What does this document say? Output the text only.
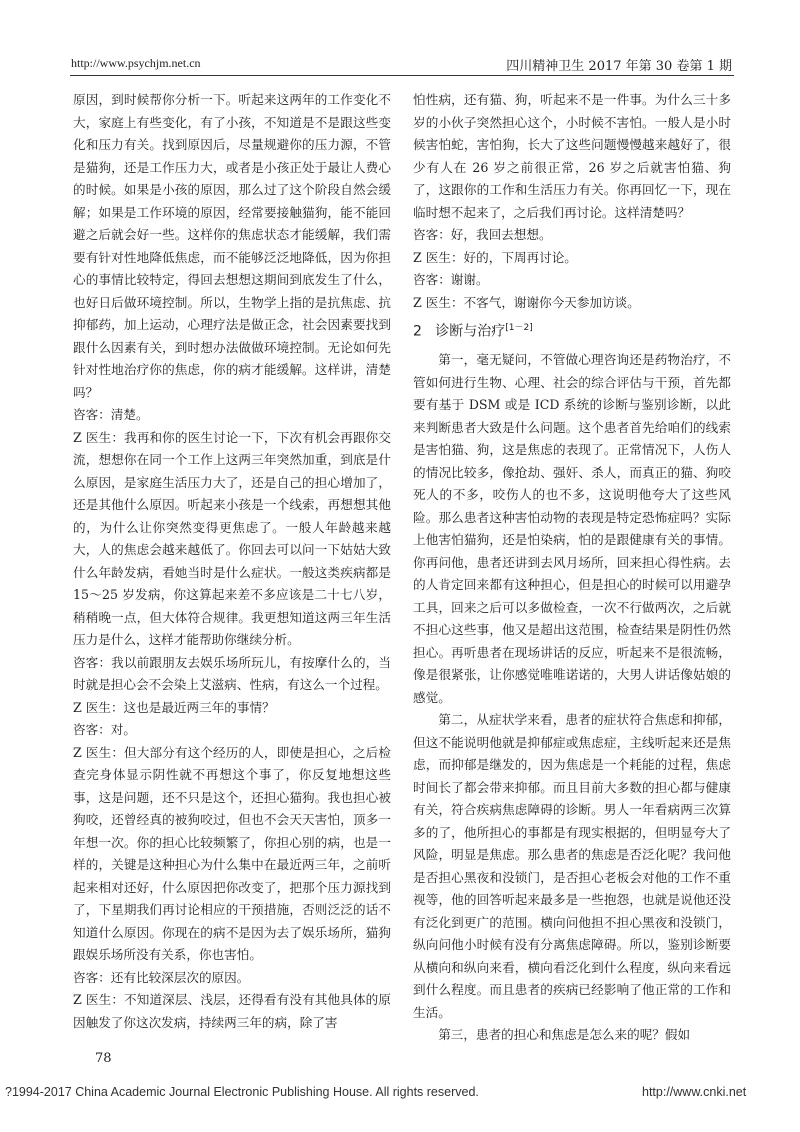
http://www.psychjm.net.cn	四川精神卫生 2017 年第 30 卷第 1 期

原因，到时候帮你分析一下。听起来这两年的工作变化不大，家庭上有些变化，有了小孩，不知道是不是跟这些变化和压力有关。找到原因后，尽量规避你的压力源，不管是猫狗，还是工作压力大，或者是小孩正处于最让人费心的时候。如果是小孩的原因，那么过了这个阶段自然会缓解；如果是工作环境的原因，经常要接触猫狗，能不能回避之后就会好一些。这样你的焦虑状态才能缓解，我们需要有针对性地降低焦虑，而不能够泛泛地降低，因为你担心的事情比较特定，得回去想想这期间到底发生了什么，也好日后做环境控制。所以，生物学上指的是抗焦虑、抗抑郁药，加上运动，心理疗法是做正念，社会因素要找到跟什么因素有关，到时想办法做做环境控制。无论如何先针对性地治疗你的焦虑，你的病才能缓解。这样讲，清楚吗？

咨客：清楚。

Z 医生：我再和你的医生讨论一下，下次有机会再跟你交流，想想你在同一个工作上这两三年突然加重，到底是什么原因，是家庭生活压力大了，还是自己的担心增加了，还是其他什么原因。听起来小孩是一个线索，再想想其他的，为什么让你突然变得更焦虑了。一般人年龄越来越大，人的焦虑会越来越低了。你回去可以问一下姑姑大致什么年龄发病，看她当时是什么症状。一般这类疾病都是 15～25 岁发病，你这算起来差不多应该是二十七八岁，稍稍晚一点，但大体符合规律。我更想知道这两三年生活压力是什么，这样才能帮助你继续分析。

咨客：我以前跟朋友去娱乐场所玩儿，有按摩什么的，当时就是担心会不会染上艾滋病、性病，有这么一个过程。

Z 医生：这也是最近两三年的事情？

咨客：对。

Z 医生：但大部分有这个经历的人，即使是担心，之后检查完身体显示阴性就不再想这个事了，你反复地想这些事，这是问题，还不只是这个，还担心猫狗。我也担心被狗咬，还曾经真的被狗咬过，但也不会天天害怕，顶多一年想一次。你的担心比较频繁了，你担心别的病，也是一样的，关键是这种担心为什么集中在最近两三年，之前听起来相对还好，什么原因把你改变了，把那个压力源找到了，下星期我们再讨论相应的干预措施，否则泛泛的话不知道什么原因。你现在的病不是因为去了娱乐场所，猫狗跟娱乐场所没有关系，你也害怕。

咨客：还有比较深层次的原因。

Z 医生：不知道深层、浅层，还得看有没有其他具体的原因触发了你这次发病，持续两三年的病，除了害

怕性病，还有猫、狗，听起来不是一件事。为什么三十多岁的小伙子突然担心这个，小时候不害怕。一般人是小时候害怕蛇，害怕狗，长大了这些问题慢慢越来越好了，很少有人在 26 岁之前很正常，26 岁之后就害怕猫、狗了，这跟你的工作和生活压力有关。你再回忆一下，现在临时想不起来了，之后我们再讨论。这样清楚吗？

咨客：好，我回去想想。

Z 医生：好的，下周再讨论。

咨客：谢谢。

Z 医生：不客气，谢谢你今天参加访谈。

2 诊断与治疗[1－2]

第一，毫无疑问，不管做心理咨询还是药物治疗，不管如何进行生物、心理、社会的综合评估与干预，首先都要有基于 DSM 或是 ICD 系统的诊断与鉴别诊断，以此来判断患者大致是什么问题。这个患者首先给咱们的线索是害怕猫、狗，这是焦虑的表现了。正常情况下，人伤人的情况比较多，像抢劫、强奸、杀人，而真正的猫、狗咬死人的不多，咬伤人的也不多，这说明他夸大了这些风险。那么患者这种害怕动物的表现是特定恐怖症吗？实际上他害怕猫狗，还是怕染病，怕的是跟健康有关的事情。你再问他，患者还讲到去风月场所，回来担心得性病。去的人肯定回来都有这种担心，但是担心的时候可以用避孕工具，回来之后可以多做检查，一次不行做两次，之后就不担心这些事，他又是超出这范围，检查结果是阴性仍然担心。再听患者在现场讲话的反应，听起来不是很流畅，像是很紧张，让你感觉唯唯诺诺的，大男人讲话像姑娘的感觉。

第二，从症状学来看，患者的症状符合焦虑和抑郁，但这不能说明他就是抑郁症或焦虑症，主线听起来还是焦虑，而抑郁是继发的，因为焦虑是一个耗能的过程，焦虑时间长了都会带来抑郁。而且目前大多数的担心都与健康有关，符合疾病焦虑障碍的诊断。男人一年看病两三次算多的了，他所担心的事都是有现实根据的，但明显夸大了风险，明显是焦虑。那么患者的焦虑是否泛化呢？我问他是否担心黑夜和没锁门，是否担心老板会对他的工作不重视等，他的回答听起来最多是一些抱怨，也就是说他还没有泛化到更广的范围。横向问他担不担心黑夜和没锁门，纵向问他小时候有没有分离焦虑障碍。所以，鉴别诊断要从横向和纵向来看，横向看泛化到什么程度，纵向来看远到什么程度。而且患者的疾病已经影响了他正常的工作和生活。

第三，患者的担心和焦虑是怎么来的呢？假如

78
?1994-2017 China Academic Journal Electronic Publishing House. All rights reserved.	http://www.cnki.net
